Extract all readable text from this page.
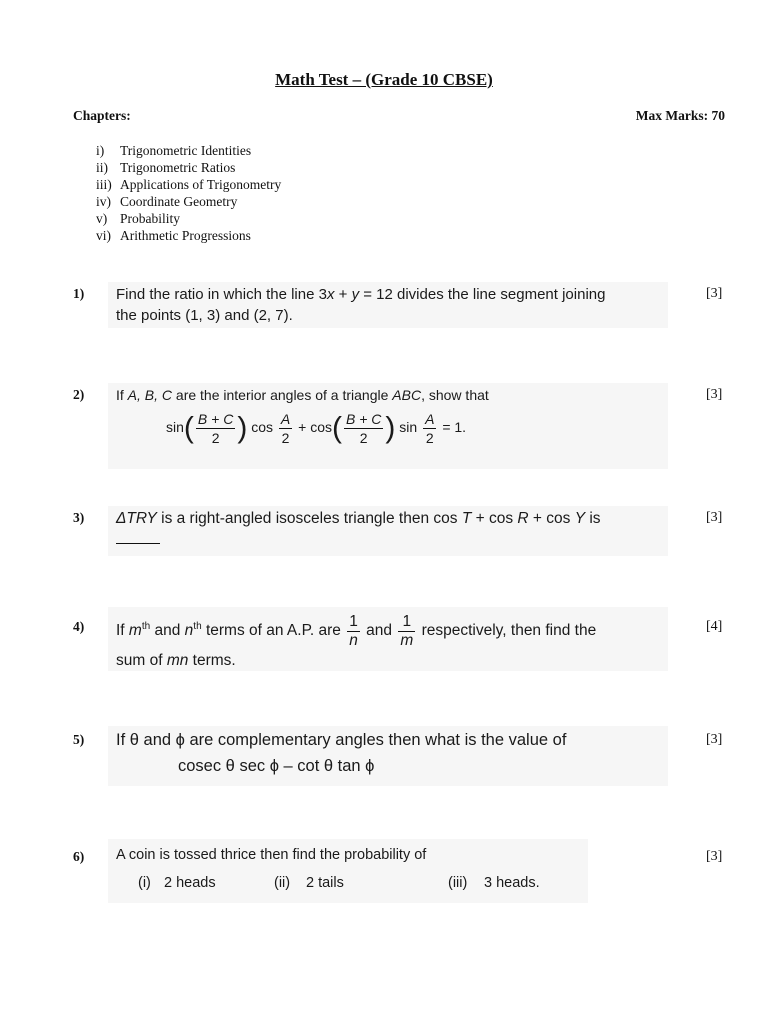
Math Test – (Grade 10 CBSE)
Chapters:	Max Marks: 70
i) Trigonometric Identities
ii) Trigonometric Ratios
iii) Applications of Trigonometry
iv) Coordinate Geometry
v) Probability
vi) Arithmetic Progressions
1)	[3]

Find the ratio in which the line 3x + y = 12 divides the line segment joining

the points (1, 3) and (2, 7).

2)	[3]

If A, B, C are the interior angles of a triangle ABC, show that

$\sin( \frac{B + C}{2}$ ) $\cos \frac{A}{2} + \cos( \frac{B + C}{2}$ ) $\sin \frac{A}{2} = 1$.
3)	[3]

ΔTRY is a right-angled isosceles triangle then cos T + cos R + cos Y is

4)	[4]

If $m^{th}$ and $n^{th}$ terms of an A.P. are $\frac{1}{n}$ and $\frac{1}{m}$ respectively, then find the

sum of mn terms.

5)	[3]

If θ and ϕ are complementary angles then what is the value of

cosec θ sec ϕ – cot θ tan ϕ

6)	[3]

A coin is tossed thrice then find the probability of

(i) 2 heads	(ii) 2 tails	(iii) 3 heads.
